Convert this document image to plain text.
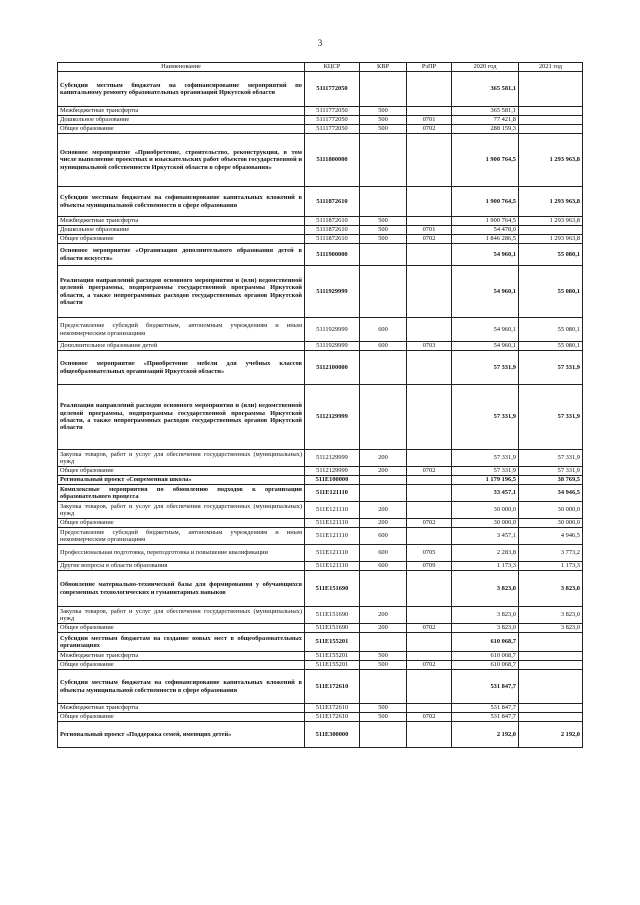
3
Наименование	КЦСР	КВР	РзПР	2020 год	2021 год
Субсидии местным бюджетам на софинансирование мероприятий по капитальному ремонту образовательных организаций Иркутской области	5111772050			365 581,1	
Межбюджетные трансферты	5111772050	500		365 581,1	
Дошкольное образование	5111772050	500	0701	77 421,8	
Общее образование	5111772050	500	0702	288 159,3	
Основное мероприятие «Приобретение, строительство, реконструкция, в том числе выполнение проектных и изыскательских работ объектов государственной и муниципальной собственности Иркутской области в сфере образования»	5111800000			1 900 764,5	1 293 963,8
Субсидии местным бюджетам на софинансирование капитальных вложений в объекты муниципальной собственности в сфере образования	5111872610			1 900 764,5	1 293 963,8
Межбюджетные трансферты	5111872610	500		1 900 764,5	1 293 963,8
Дошкольное образование	5111872610	500	0701	54 478,0	
Общее образование	5111872610	500	0702	1 846 286,5	1 293 963,8
Основное мероприятие «Организация дополнительного образования детей в области искусств»	5111900000			54 960,1	55 080,1
Реализация направлений расходов основного мероприятия и (или) ведомственной целевой программы, подпрограммы государственной программы Иркутской области, а также непрограммных расходов государственных органов Иркутской области	5111929999			54 960,1	55 080,1
Предоставление субсидий бюджетным, автономным учреждениям и иным некоммерческим организациям	5111929999	600		54 960,1	55 080,1
Дополнительное образование детей	5111929999	600	0703	54 960,1	55 080,1
Основное мероприятие «Приобретение мебели для учебных классов общеобразовательных организаций Иркутской области»	5112100000			57 331,9	57 331,9
Реализация направлений расходов основного мероприятия и (или) ведомственной целевой программы, подпрограммы государственной программы Иркутской области, а также непрограммных расходов государственных органов Иркутской области	5112129999			57 331,9	57 331,9
Закупка товаров, работ и услуг для обеспечения государственных (муниципальных) нужд	5112129999	200		57 331,9	57 331,9
Общее образование	5112129999	200	0702	57 331,9	57 331,9
Региональный проект «Современная школа»	511E100000			1 179 196,5	38 769,5
Комплексные мероприятия по обновлению подходов к организации образовательного процесса	511E121110			33 457,1	34 946,5
Закупка товаров, работ и услуг для обеспечения государственных (муниципальных) нужд	511E121110	200		30 000,0	30 000,0
Общее образование	511E121110	200	0702	30 000,0	30 000,0
Предоставление субсидий бюджетным, автономным учреждениям и иным некоммерческим организациям	511E121110	600		3 457,1	4 946,5
Профессиональная подготовка, переподготовка и повышение квалификации	511E121110	600	0705	2 283,8	3 773,2
Другие вопросы в области образования	511E121110	600	0709	1 173,3	1 173,3
Обновление материально-технической базы для формирования у обучающихся современных технологических и гуманитарных навыков	511E151690			3 823,0	3 823,0
Закупка товаров, работ и услуг для обеспечения государственных (муниципальных) нужд	511E151690	200		3 823,0	3 823,0
Общее образование	511E151690	200	0702	3 823,0	3 823,0
Субсидии местным бюджетам на создание новых мест в общеобразовательных организациях	511E155201			610 068,7	
Межбюджетные трансферты	511E155201	500		610 068,7	
Общее образование	511E155201	500	0702	610 068,7	
Субсидии местным бюджетам на софинансирование капитальных вложений в объекты муниципальной собственности в сфере образования	511E172610			531 847,7	
Межбюджетные трансферты	511E172610	500		531 847,7	
Общее образование	511E172610	500	0702	531 847,7	
Региональный проект «Поддержка семей, имеющих детей»	511E300000			2 192,0	2 192,0
